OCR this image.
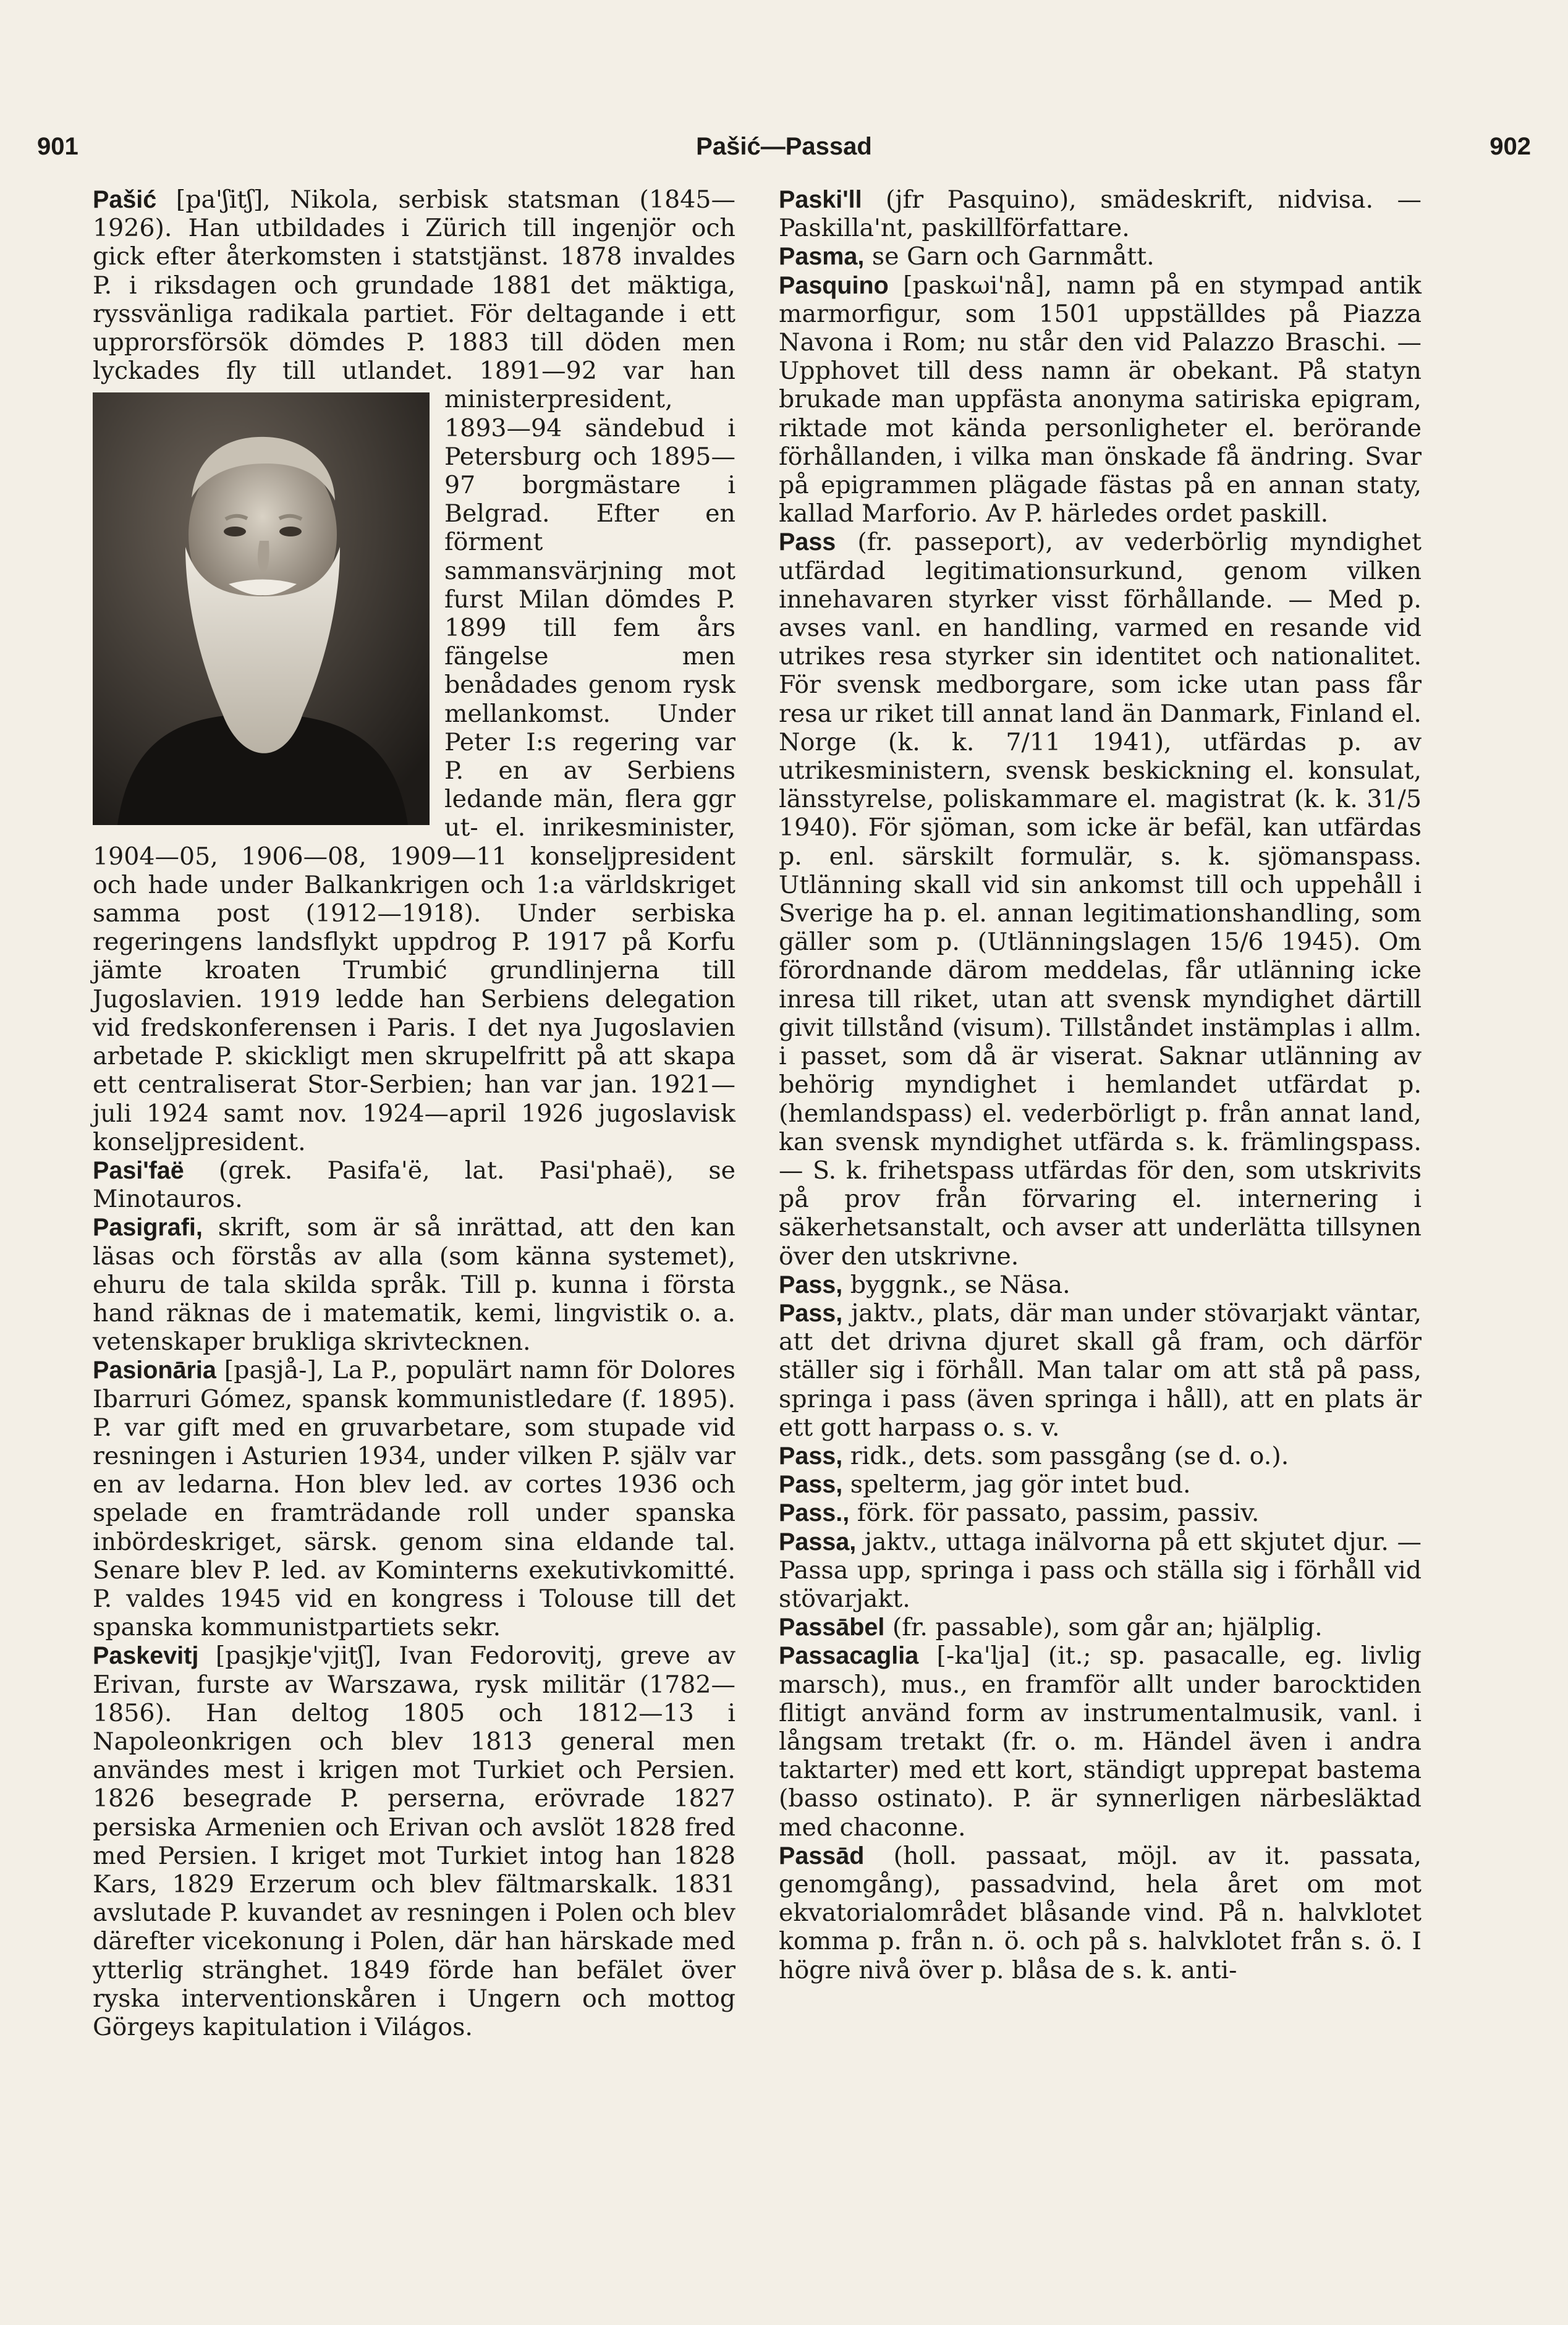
901	Pašić—Passad	902

Pašić [pa'ʃitʃ], Nikola, serbisk statsman (1845—1926). Han utbildades i Zürich till ingenjör och gick efter återkomsten i statstjänst. 1878 invaldes P. i riksdagen och grundade 1881 det mäktiga, ryssvänliga radikala partiet. För deltagande i ett upprorsförsök dömdes P. 1883 till döden men lyckades fly till utlandet. 1891—92 var
han ministerpresident, 1893—94 sändebud i Petersburg och 1895—97 borgmästare i Belgrad. Efter en förment sammansvärjning mot furst Milan dömdes P. 1899 till fem års fängelse men benådades genom rysk mellankomst. Under Peter I:s regering var P. en av Serbiens ledande män, flera ggr ut- el. inrikesminister, 1904—05, 1906—08, 1909—11 konseljpresident och hade under Balkankrigen och 1:a världskriget samma post (1912—1918). Under serbiska regeringens landsflykt uppdrog P. 1917 på Korfu jämte kroaten Trumbić grundlinjerna till Jugoslavien. 1919 ledde han Serbiens delegation vid fredskonferensen i Paris. I det nya Jugoslavien arbetade P. skickligt men skrupelfritt på att skapa ett centraliserat Stor-Serbien; han var jan. 1921—juli 1924 samt nov. 1924—april 1926 jugoslavisk konseljpresident.

Pasi'faë (grek. Pasifa'ë, lat. Pasi'phaë), se Minotauros.

Pasigrafi, skrift, som är så inrättad, att den kan läsas och förstås av alla (som känna systemet), ehuru de tala skilda språk. Till p. kunna i första hand räknas de i matematik, kemi, lingvistik o. a. vetenskaper brukliga skrivtecknen.

Pasionāria [pasjå-], La P., populärt namn för Dolores Ibarruri Gómez, spansk kommunistledare (f. 1895). P. var gift med en gruvarbetare, som stupade vid resningen i Asturien 1934, under vilken P. själv var en av ledarna. Hon blev led. av cortes 1936 och spelade en framträdande roll under spanska inbördeskriget, särsk. genom sina eldande tal. Senare blev P. led. av Kominterns exekutivkomitté. P. valdes 1945 vid en kongress i Tolouse till det spanska kommunistpartiets sekr.

Paskevitj [pasjkje'vjitʃ], Ivan Fedorovitj, greve av Erivan, furste av Warszawa, rysk militär (1782—1856). Han deltog 1805 och 1812—13 i Napoleonkrigen och blev 1813 general men användes mest i krigen mot Turkiet och Persien. 1826 besegrade P. perserna, erövrade 1827 persiska Armenien och Erivan och avslöt 1828 fred med Persien. I kriget mot Turkiet intog han 1828 Kars, 1829 Erzerum och blev fältmarskalk. 1831 avslutade P. kuvandet av resningen i Polen och blev därefter vicekonung i Polen, där han härskade med ytterlig stränghet. 1849 förde han befälet över ryska interventionskåren i Ungern och mottog Görgeys kapitulation i Világos.

Paski'll (jfr Pasquino), smädeskrift, nidvisa. — Paskilla'nt, paskillförfattare.

Pasma, se Garn och Garnmått.

Pasquino [paskωi'nå], namn på en stympad antik marmorfigur, som 1501 uppställdes på Piazza Navona i Rom; nu står den vid Palazzo Braschi. — Upphovet till dess namn är obekant. På statyn brukade man uppfästa anonyma satiriska epigram, riktade mot kända personligheter el. berörande förhållanden, i vilka man önskade få ändring. Svar på epigrammen plägade fästas på en annan staty, kallad Marforio. Av P. härledes ordet paskill.

Pass (fr. passeport), av vederbörlig myndighet utfärdad legitimationsurkund, genom vilken innehavaren styrker visst förhållande. — Med p. avses vanl. en handling, varmed en resande vid utrikes resa styrker sin identitet och nationalitet. För svensk medborgare, som icke utan pass får resa ur riket till annat land än Danmark, Finland el. Norge (k. k. 7/11 1941), utfärdas p. av utrikesministern, svensk beskickning el. konsulat, länsstyrelse, poliskammare el. magistrat (k. k. 31/5 1940). För sjöman, som icke är befäl, kan utfärdas p. enl. särskilt formulär, s. k. sjömanspass. Utlänning skall vid sin ankomst till och uppehåll i Sverige ha p. el. annan legitimationshandling, som gäller som p. (Utlänningslagen 15/6 1945). Om förordnande därom meddelas, får utlänning icke inresa till riket, utan att svensk myndighet därtill givit tillstånd (visum). Tillståndet instämplas i allm. i passet, som då är viserat. Saknar utlänning av behörig myndighet i hemlandet utfärdat p. (hemlandspass) el. vederbörligt p. från annat land, kan svensk myndighet utfärda s. k. främlingspass. — S. k. frihetspass utfärdas för den, som utskrivits på prov från förvaring el. internering i säkerhetsanstalt, och avser att underlätta tillsynen över den utskrivne.

Pass, byggnk., se Näsa.

Pass, jaktv., plats, där man under stövarjakt väntar, att det drivna djuret skall gå fram, och därför ställer sig i förhåll. Man talar om att stå på pass, springa i pass (även springa i håll), att en plats är ett gott harpass o. s. v.

Pass, ridk., dets. som passgång (se d. o.).

Pass, spelterm, jag gör intet bud.

Pass., förk. för passato, passim, passiv.

Passa, jaktv., uttaga inälvorna på ett skjutet djur. — Passa upp, springa i pass och ställa sig i förhåll vid stövarjakt.

Passābel (fr. passable), som går an; hjälplig.

Passacaglia [-ka'lja] (it.; sp. pasacalle, eg. livlig marsch), mus., en framför allt under barocktiden flitigt använd form av instrumentalmusik, vanl. i långsam tretakt (fr. o. m. Händel även i andra taktarter) med ett kort, ständigt upprepat bastema (basso ostinato). P. är synnerligen närbesläktad med chaconne.

Passād (holl. passaat, möjl. av it. passata, genomgång), passadvind, hela året om mot ekvatorialområdet blåsande vind. På n. halvklotet komma p. från n. ö. och på s. halvklotet från s. ö. I högre nivå över p. blåsa de s. k. anti-
